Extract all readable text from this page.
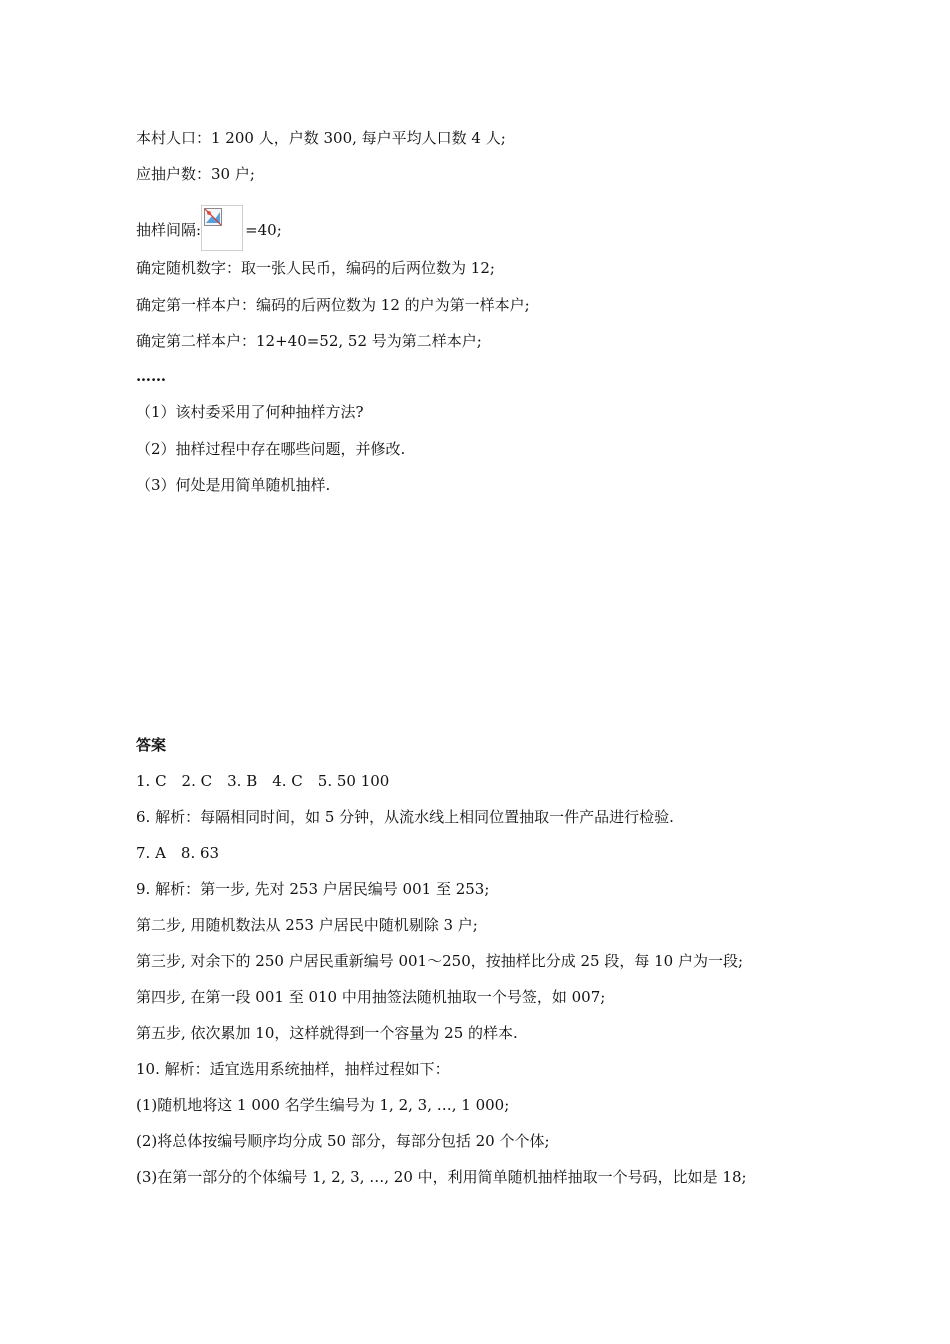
本村人口：1 200 人，户数 300, 每户平均人口数 4 人;
应抽户数：30 户;
抽样间隔:	=40;
确定随机数字：取一张人民币，编码的后两位数为 12;
确定第一样本户：编码的后两位数为 12 的户为第一样本户;
确定第二样本户：12+40=52, 52 号为第二样本户;
……
（1）该村委采用了何种抽样方法?
（2）抽样过程中存在哪些问题，并修改.
（3）何处是用简单随机抽样.
答案
1. C　2. C　3. B　4. C　5. 50 100
6. 解析：每隔相同时间，如 5 分钟，从流水线上相同位置抽取一件产品进行检验.
7. A　8. 63
9. 解析：第一步, 先对 253 户居民编号 001 至 253;
第二步, 用随机数法从 253 户居民中随机剔除 3 户;
第三步, 对余下的 250 户居民重新编号 001～250，按抽样比分成 25 段，每 10 户为一段;
第四步, 在第一段 001 至 010 中用抽签法随机抽取一个号签，如 007;
第五步, 依次累加 10，这样就得到一个容量为 25 的样本.
10. 解析：适宜选用系统抽样，抽样过程如下：
(1)随机地将这 1 000 名学生编号为 1, 2, 3, …, 1 000;
(2)将总体按编号顺序均分成 50 部分，每部分包括 20 个个体;
(3)在第一部分的个体编号 1, 2, 3, …, 20 中，利用简单随机抽样抽取一个号码，比如是 18;
